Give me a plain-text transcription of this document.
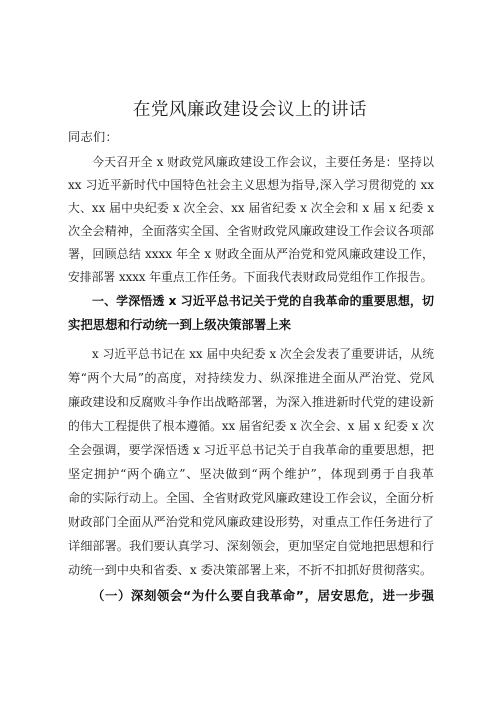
在党风廉政建设会议上的讲话
同志们：
今天召开全 x 财政党风廉政建设工作会议，主要任务是：坚持以
xx 习近平新时代中国特色社会主义思想为指导,深入学习贯彻党的 xx
大、xx 届中央纪委 x 次全会、xx 届省纪委 x 次全会和 x 届 x 纪委 x
次全会精神，全面落实全国、全省财政党风廉政建设工作会议各项部
署，回顾总结 xxxx 年全 x 财政全面从严治党和党风廉政建设工作，
安排部署 xxxx 年重点工作任务。下面我代表财政局党组作工作报告。
一、学深悟透 x 习近平总书记关于党的自我革命的重要思想，切
实把思想和行动统一到上级决策部署上来
x 习近平总书记在 xx 届中央纪委 x 次全会发表了重要讲话，从统
筹“两个大局”的高度，对持续发力、纵深推进全面从严治党、党风
廉政建设和反腐败斗争作出战略部署，为深入推进新时代党的建设新
的伟大工程提供了根本遵循。xx 届省纪委 x 次全会、x 届 x 纪委 x 次
全会强调，要学深悟透 x 习近平总书记关于自我革命的重要思想，把
坚定拥护“两个确立”、坚决做到“两个维护”，体现到勇于自我革
命的实际行动上。全国、全省财政党风廉政建设工作会议，全面分析
财政部门全面从严治党和党风廉政建设形势，对重点工作任务进行了
详细部署。我们要认真学习、深刻领会，更加坚定自觉地把思想和行
动统一到中央和省委、x 委决策部署上来，不折不扣抓好贯彻落实。
（一）深刻领会“为什么要自我革命”，居安思危，进一步强
